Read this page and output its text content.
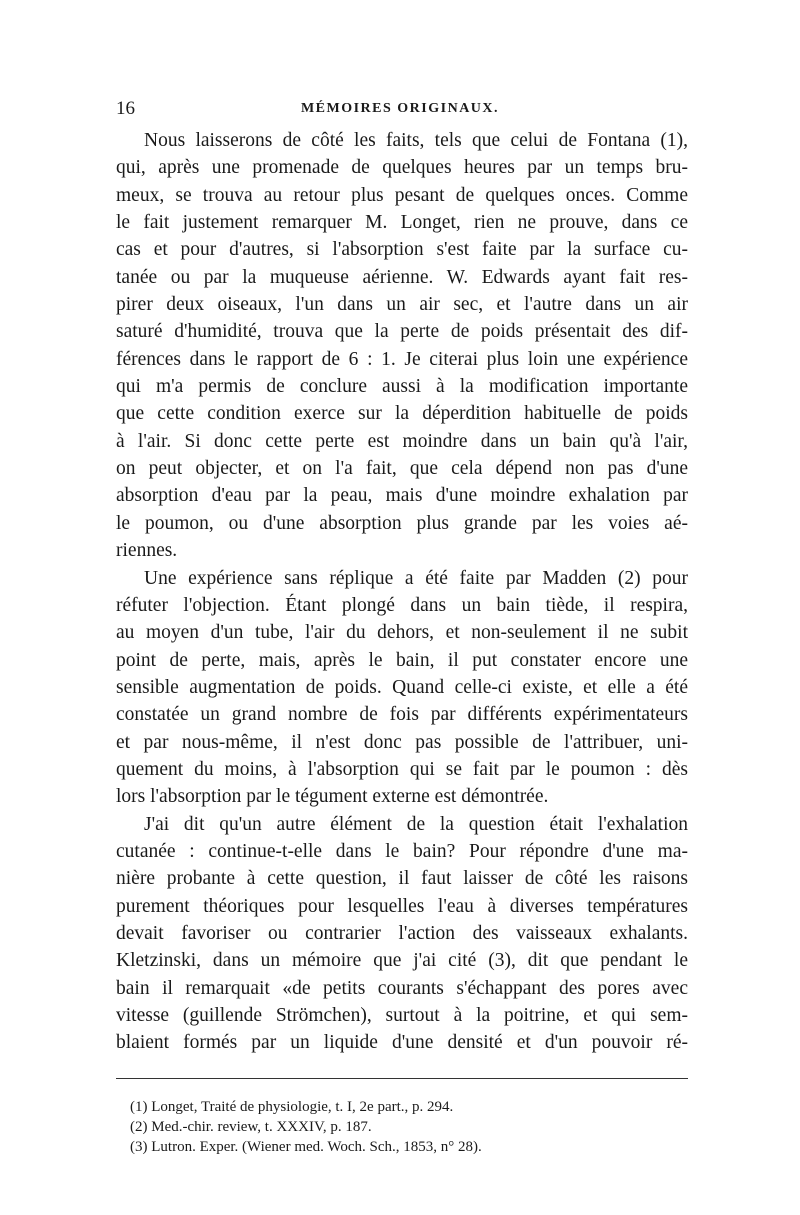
16	MÉMOIRES ORIGINAUX.

Nous laisserons de côté les faits, tels que celui de Fontana (1),
qui, après une promenade de quelques heures par un temps bru-
meux, se trouva au retour plus pesant de quelques onces. Comme
le fait justement remarquer M. Longet, rien ne prouve, dans ce
cas et pour d'autres, si l'absorption s'est faite par la surface cu-
tanée ou par la muqueuse aérienne. W. Edwards ayant fait res-
pirer deux oiseaux, l'un dans un air sec, et l'autre dans un air
saturé d'humidité, trouva que la perte de poids présentait des dif-
férences dans le rapport de 6 : 1. Je citerai plus loin une expérience
qui m'a permis de conclure aussi à la modification importante
que cette condition exerce sur la déperdition habituelle de poids
à l'air. Si donc cette perte est moindre dans un bain qu'à l'air,
on peut objecter, et on l'a fait, que cela dépend non pas d'une
absorption d'eau par la peau, mais d'une moindre exhalation par
le poumon, ou d'une absorption plus grande par les voies aé-
riennes.

Une expérience sans réplique a été faite par Madden (2) pour
réfuter l'objection. Étant plongé dans un bain tiède, il respira,
au moyen d'un tube, l'air du dehors, et non-seulement il ne subit
point de perte, mais, après le bain, il put constater encore une
sensible augmentation de poids. Quand celle-ci existe, et elle a été
constatée un grand nombre de fois par différents expérimentateurs
et par nous-même, il n'est donc pas possible de l'attribuer, uni-
quement du moins, à l'absorption qui se fait par le poumon : dès
lors l'absorption par le tégument externe est démontrée.

J'ai dit qu'un autre élément de la question était l'exhalation
cutanée : continue-t-elle dans le bain? Pour répondre d'une ma-
nière probante à cette question, il faut laisser de côté les raisons
purement théoriques pour lesquelles l'eau à diverses températures
devait favoriser ou contrarier l'action des vaisseaux exhalants.
Kletzinski, dans un mémoire que j'ai cité (3), dit que pendant le
bain il remarquait «de petits courants s'échappant des pores avec
vitesse (guillende Strömchen), surtout à la poitrine, et qui sem-
blaient formés par un liquide d'une densité et d'un pouvoir ré-

(1) Longet, Traité de physiologie, t. I, 2e part., p. 294.
(2) Med.-chir. review, t. XXXIV, p. 187.
(3) Lutron. Exper. (Wiener med. Woch. Sch., 1853, n° 28).
